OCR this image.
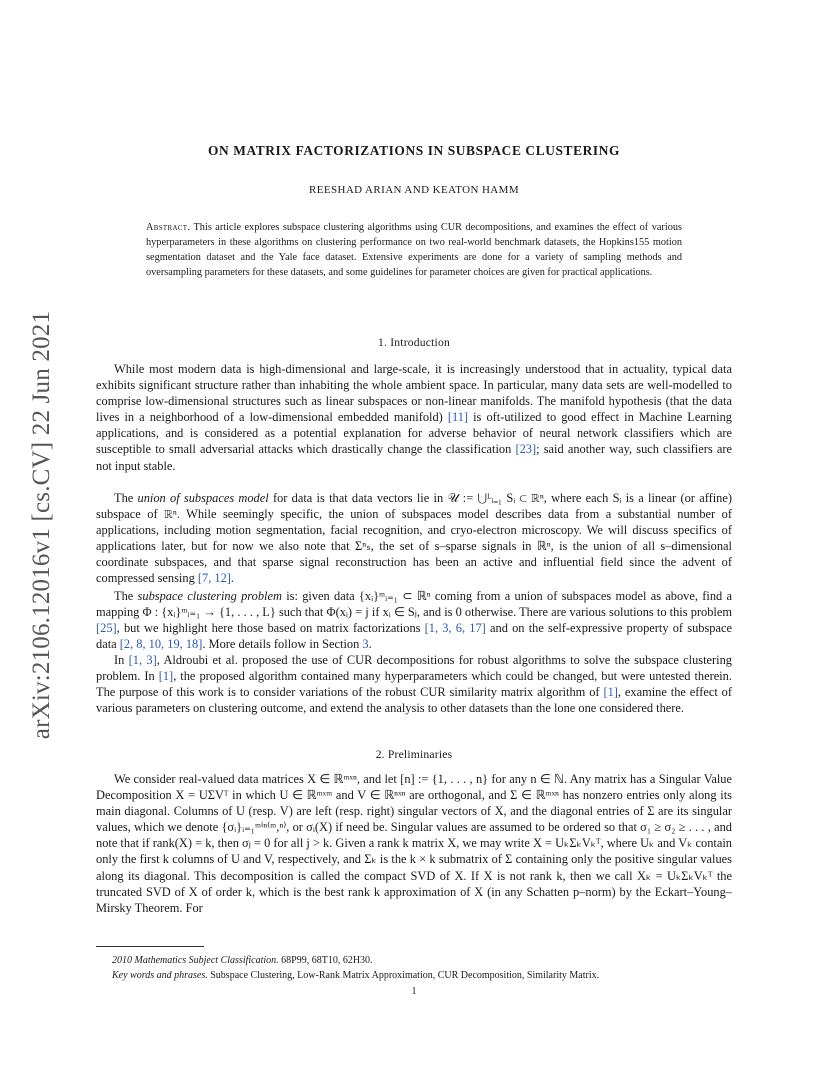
arXiv:2106.12016v1 [cs.CV] 22 Jun 2021
ON MATRIX FACTORIZATIONS IN SUBSPACE CLUSTERING
REESHAD ARIAN AND KEATON HAMM
Abstract. This article explores subspace clustering algorithms using CUR decompositions, and examines the effect of various hyperparameters in these algorithms on clustering performance on two real-world benchmark datasets, the Hopkins155 motion segmentation dataset and the Yale face dataset. Extensive experiments are done for a variety of sampling methods and oversampling parameters for these datasets, and some guidelines for parameter choices are given for practical applications.
1. Introduction

While most modern data is high-dimensional and large-scale, it is increasingly understood that in actuality, typical data exhibits significant structure rather than inhabiting the whole ambient space. In particular, many data sets are well-modelled to comprise low-dimensional structures such as linear subspaces or non-linear manifolds. The manifold hypothesis (that the data lives in a neighborhood of a low-dimensional embedded manifold) [11] is oft-utilized to good effect in Machine Learning applications, and is considered as a potential explanation for adverse behavior of neural network classifiers which are susceptible to small adversarial attacks which drastically change the classification [23]; said another way, such classifiers are not input stable.

The union of subspaces model for data is that data vectors lie in 𝒰 := ⋃ᴸᵢ₌₁ Sᵢ ⊂ ℝⁿ, where each Sᵢ is a linear (or affine) subspace of ℝⁿ. While seemingly specific, the union of subspaces model describes data from a substantial number of applications, including motion segmentation, facial recognition, and cryo-electron microscopy. We will discuss specifics of applications later, but for now we also note that Σⁿₛ, the set of s–sparse signals in ℝⁿ, is the union of all s–dimensional coordinate subspaces, and that sparse signal reconstruction has been an active and influential field since the advent of compressed sensing [7, 12].

The subspace clustering problem is: given data {xᵢ}ᵐᵢ₌₁ ⊂ ℝⁿ coming from a union of subspaces model as above, find a mapping Φ : {xᵢ}ᵐᵢ₌₁ → {1, . . . , L} such that Φ(xᵢ) = j if xᵢ ∈ Sⱼ, and is 0 otherwise. There are various solutions to this problem [25], but we highlight here those based on matrix factorizations [1, 3, 6, 17] and on the self-expressive property of subspace data [2, 8, 10, 19, 18]. More details follow in Section 3.

In [1, 3], Aldroubi et al. proposed the use of CUR decompositions for robust algorithms to solve the subspace clustering problem. In [1], the proposed algorithm contained many hyperparameters which could be changed, but were untested therein. The purpose of this work is to consider variations of the robust CUR similarity matrix algorithm of [1], examine the effect of various parameters on clustering outcome, and extend the analysis to other datasets than the lone one considered there.

2. Preliminaries

We consider real-valued data matrices X ∈ ℝᵐˣⁿ, and let [n] := {1, . . . , n} for any n ∈ ℕ. Any matrix has a Singular Value Decomposition X = UΣVᵀ in which U ∈ ℝᵐˣᵐ and V ∈ ℝⁿˣⁿ are orthogonal, and Σ ∈ ℝᵐˣⁿ has nonzero entries only along its main diagonal. Columns of U (resp. V) are left (resp. right) singular vectors of X, and the diagonal entries of Σ are its singular values, which we denote {σᵢ}ᵢ₌₁ᵐⁱⁿ⁽ᵐ,ⁿ⁾, or σᵢ(X) if need be. Singular values are assumed to be ordered so that σ₁ ≥ σ₂ ≥ . . . , and note that if rank(X) = k, then σⱼ = 0 for all j > k. Given a rank k matrix X, we may write X = UₖΣₖVₖᵀ, where Uₖ and Vₖ contain only the first k columns of U and V, respectively, and Σₖ is the k × k submatrix of Σ containing only the positive singular values along its diagonal. This decomposition is called the compact SVD of X. If X is not rank k, then we call Xₖ = UₖΣₖVₖᵀ the truncated SVD of X of order k, which is the best rank k approximation of X (in any Schatten p–norm) by the Eckart–Young–Mirsky Theorem. For

2010 Mathematics Subject Classification. 68P99, 68T10, 62H30.
Key words and phrases. Subspace Clustering, Low-Rank Matrix Approximation, CUR Decomposition, Similarity Matrix.
1
